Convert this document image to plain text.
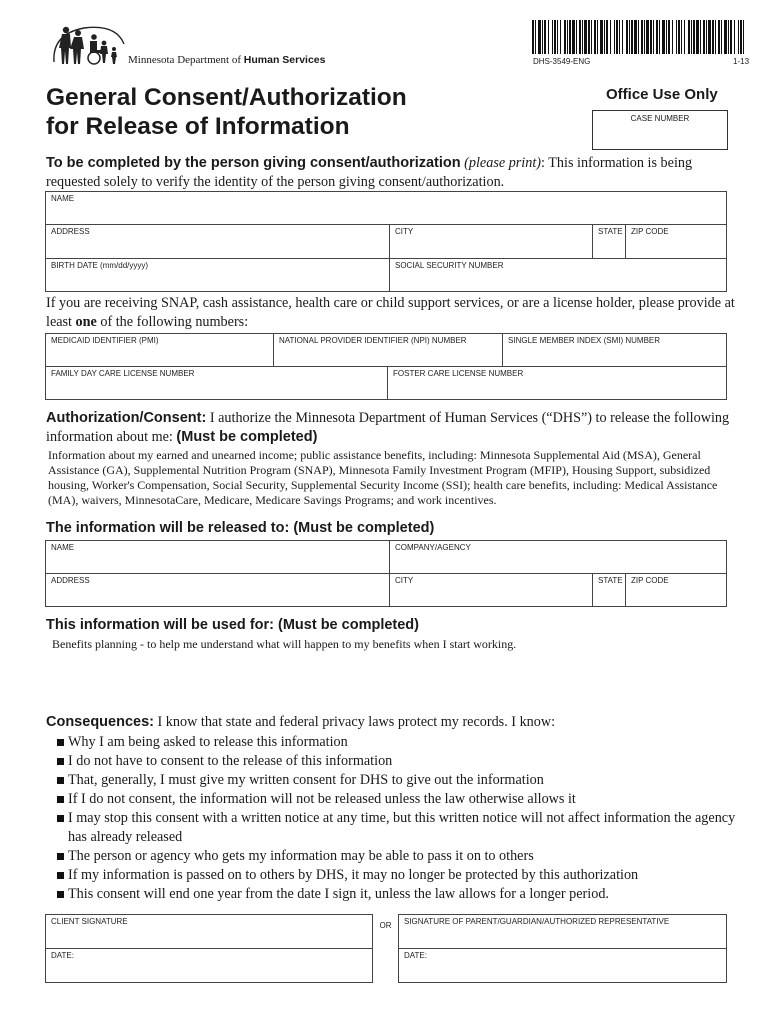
Minnesota Department of Human Services	DHS-3549-ENG	1-13
General Consent/Authorization
for Release of Information
Office Use Only
CASE NUMBER
To be completed by the person giving consent/authorization (please print): This information is being requested solely to verify the identity of the person giving consent/authorization.
NAME			
ADDRESS	CITY	STATE	ZIP CODE
BIRTH DATE (mm/dd/yyyy)	SOCIAL SECURITY NUMBER		
If you are receiving SNAP, cash assistance, health care or child support services, or are a license holder, please provide at least one of the following numbers:
MEDICAID IDENTIFIER (PMI)	NATIONAL PROVIDER IDENTIFIER (NPI) NUMBER		SINGLE MEMBER INDEX (SMI) NUMBER
FAMILY DAY CARE LICENSE NUMBER		FOSTER CARE LICENSE NUMBER	
Authorization/Consent: I authorize the Minnesota Department of Human Services (“DHS”) to release the following information about me: (Must be completed)
Information about my earned and unearned income; public assistance benefits, including: Minnesota Supplemental Aid (MSA), General Assistance (GA), Supplemental Nutrition Program (SNAP), Minnesota Family Investment Program (MFIP), Housing Support, subsidized housing, Worker's Compensation, Social Security, Supplemental Security Income (SSI); health care benefits, including: Medical Assistance (MA), waivers, MinnesotaCare, Medicare, Medicare Savings Programs; and work incentives.
The information will be released to: (Must be completed)
NAME	COMPANY/AGENCY		
ADDRESS	CITY	STATE	ZIP CODE
This information will be used for: (Must be completed)
Benefits planning - to help me understand what will happen to my benefits when I start working.
Consequences: I know that state and federal privacy laws protect my records. I know:
Why I am being asked to release this information
I do not have to consent to the release of this information
That, generally, I must give my written consent for DHS to give out the information
If I do not consent, the information will not be released unless the law otherwise allows it
I may stop this consent with a written notice at any time, but this written notice will not affect information the agency has already released
The person or agency who gets my information may be able to pass it on to others
If my information is passed on to others by DHS, it may no longer be protected by this authorization
This consent will end one year from the date I sign it, unless the law allows for a longer period.
CLIENT SIGNATURE	OR	SIGNATURE OF PARENT/GUARDIAN/AUTHORIZED REPRESENTATIVE
DATE:		DATE:
